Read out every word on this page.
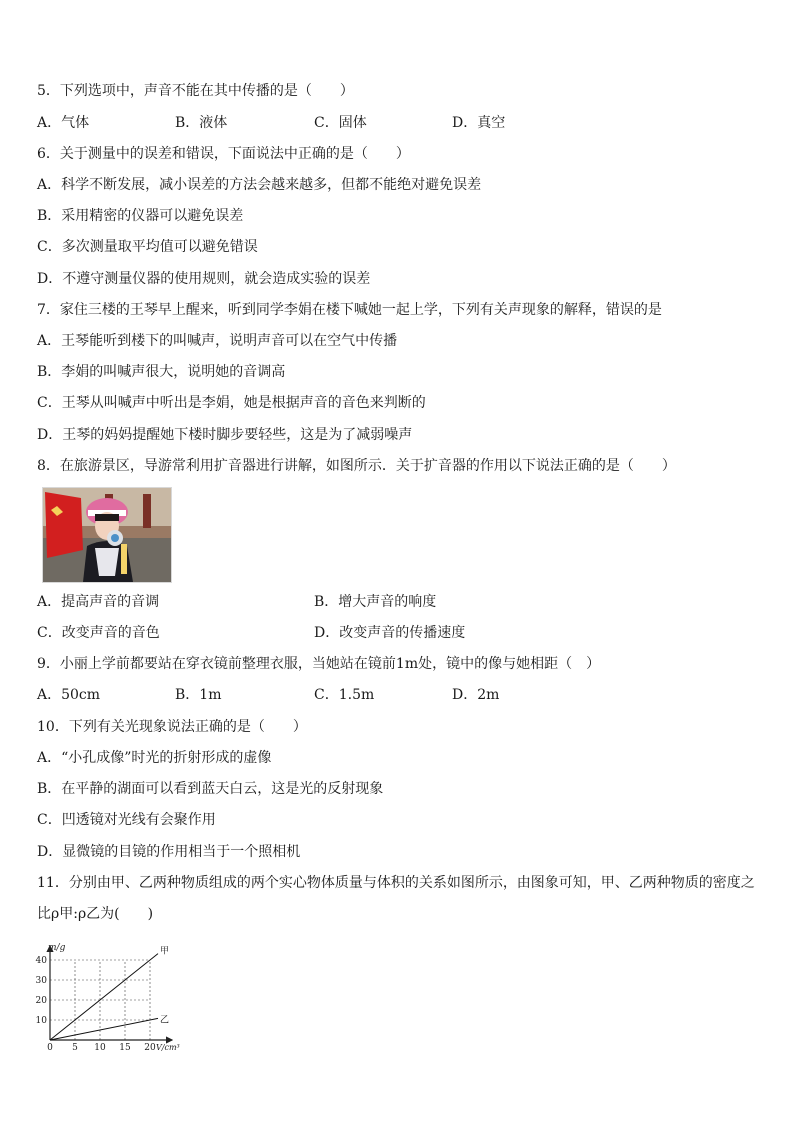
5．下列选项中，声音不能在其中传播的是（　　）
A．气体	B．液体	C．固体	D．真空
6．关于测量中的误差和错误，下面说法中正确的是（　　）
A．科学不断发展，减小误差的方法会越来越多，但都不能绝对避免误差
B．采用精密的仪器可以避免误差
C．多次测量取平均值可以避免错误
D．不遵守测量仪器的使用规则，就会造成实验的误差
7．家住三楼的王琴早上醒来，听到同学李娟在楼下喊她一起上学，下列有关声现象的解释，错误的是
A．王琴能听到楼下的叫喊声，说明声音可以在空气中传播
B．李娟的叫喊声很大，说明她的音调高
C．王琴从叫喊声中听出是李娟，她是根据声音的音色来判断的
D．王琴的妈妈提醒她下楼时脚步要轻些，这是为了减弱噪声
8．在旅游景区，导游常利用扩音器进行讲解，如图所示．关于扩音器的作用以下说法正确的是（　　）
A．提高声音的音调	B．增大声音的响度
C．改变声音的音色	D．改变声音的传播速度
9．小丽上学前都要站在穿衣镜前整理衣服，当她站在镜前1m处，镜中的像与她相距（　）
A．50cm	B．1m	C．1.5m	D．2m
10．下列有关光现象说法正确的是（　　）
A．“小孔成像”时光的折射形成的虚像
B．在平静的湖面可以看到蓝天白云，这是光的反射现象
C．凹透镜对光线有会聚作用
D．显微镜的目镜的作用相当于一个照相机
11．分别由甲、乙两种物质组成的两个实心物体质量与体积的关系如图所示，由图象可知，甲、乙两种物质的密度之
比ρ甲:ρ乙为(　　)
0 5 10 15 20
10
20
30
40
甲
乙
m/g
V/cm³
